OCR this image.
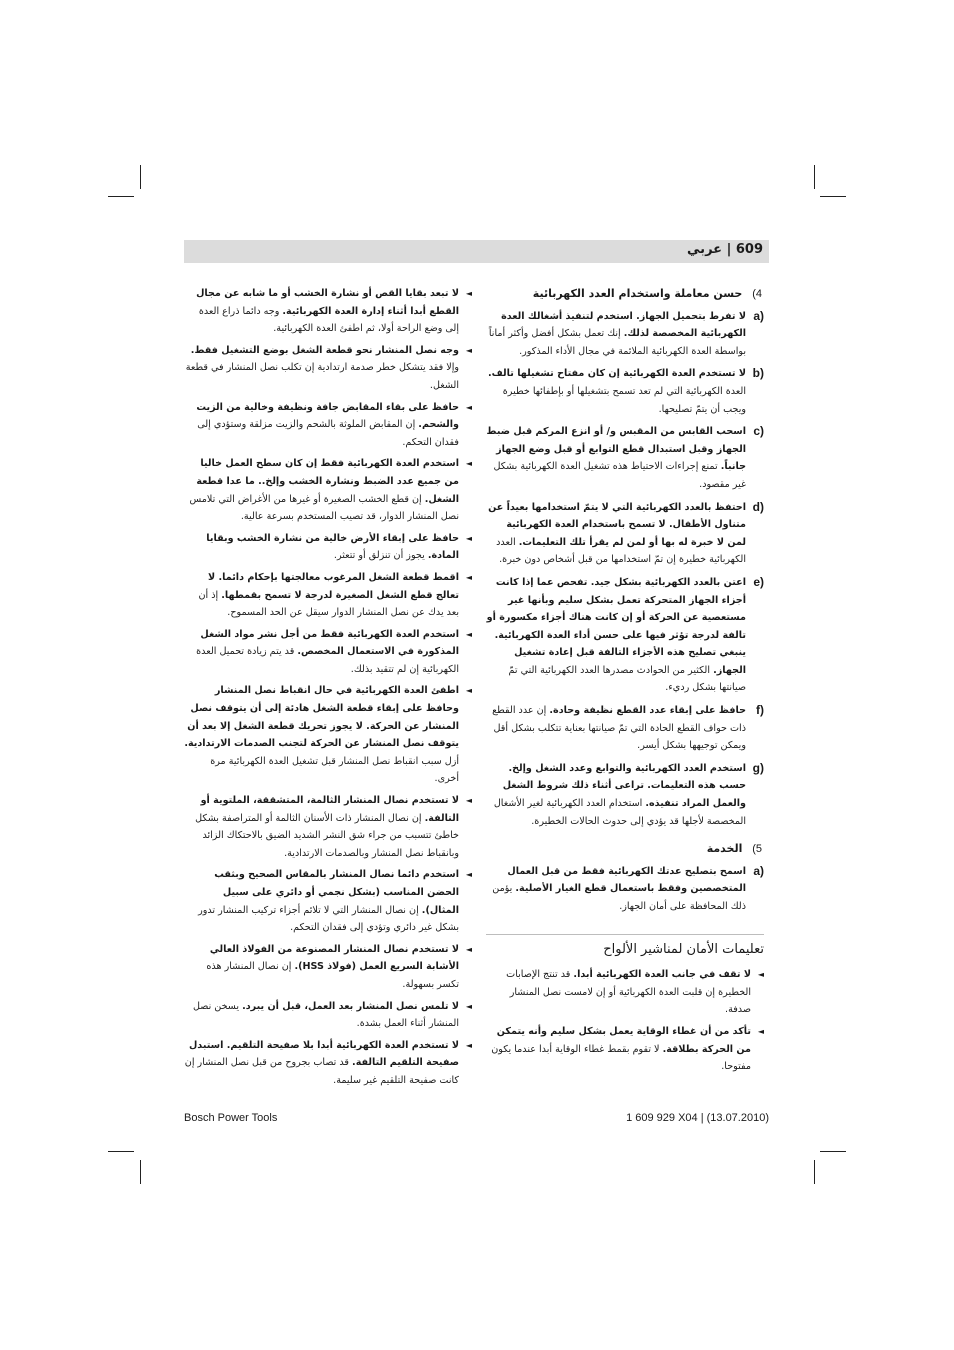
609 | عربي
4) حسن معاملة واستخدام العدد الكهربائية
a)
لا تفرط بتحميل الجهاز. استخدم لتنفيذ أشغالك العدة الكهربائية المخصصة لذلك. إنك تعمل بشكل أفضل وأكثر أماناً بواسطة العدة الكهربائية الملائمة في مجال الأداء المذكور.
b)
لا تستخدم العدة الكهربائية إن كان مفتاح تشغيلها تالف. العدة الكهربائية التي لم تعد تسمح بتشغيلها أو بإطفائها خطيرة ويجب أن يتمّ تصليحها.
c)
اسحب القابس من المقبس و/ أو انزع المركم قبل ضبط الجهاز وقبل استبدال قطع التوابع أو قبل وضع الجهاز جانباً. تمنع إجراءات الاحتياط هذه تشغيل العدة الكهربائية بشكل غير مقصود.
d)
احتفظ بالعدد الكهربائية التي لا يتمّ استخدامها بعيداً عن متناول الأطفال. لا تسمح باستخدام العدة الكهربائية لمن لا خبرة له بها أو لمن لم يقرأ تلك التعليمات. العدد الكهربائية خطيرة إن تمّ استخدامها من قبل أشخاص دون خبرة.
e)
اعتن بالعدد الكهربائية بشكل جيد. تفحص عما إذا كانت أجزاء الجهاز المتحركة تعمل بشكل سليم وبأنها غير مستعصية عن الحركة أو إن كانت هناك أجزاء مكسورة أو تالفة لدرجة تؤثر فيها على حسن أداء العدة الكهربائية. ينبغي تصليح هذه الأجزاء التالفة قبل إعادة تشغيل الجهاز. الكثير من الحوادث مصدرها العدد الكهربائية التي تمّ صيانتها بشكل رديء.
f)
حافظ على إبقاء عدد القطع نظيفة وحادة. إن عدد القطع ذات حواف القطع الحادة التي تمّ صيانتها بعناية تتكلب بشكل أقل ويمكن توجيهها بشكل أيسر.
g)
استخدم العدد الكهربائية والتوابع وعدد الشغل وإلخ. حسب هذه التعليمات. تراعى أثناء ذلك شروط الشغل والعمل المراد تنفيذه. استخدام العدد الكهربائية لغير الأشغال المخصصة لأجلها قد يؤدي إلى حدوث الحالات الخطيرة.
5) الخدمة
a)
اسمح بتصليح عدتك الكهربائية فقط من قبل العمال المتخصصين وفقط باستعمال قطع الغيار الأصلية. يؤمن ذلك المحافظة على أمان الجهاز.
تعليمات الأمان لمناشير الألواح
◄
لا تقف في جانب العدة الكهربائية أبدا. قد تنتج الإصابات الخطيرة إن قلبت العدة الكهربائية أو إن لامست نصل المنشار صدفة.
◄
تأكد من أن غطاء الوقاية يعمل بشكل سليم وأنه يتمكن من الحركة بطلاقة. لا تقوم بقمط غطاء الوقاية أبدا عندما يكون مفتوحا.
◄
لا تبعد بقايا القص أو نشارة الخشب أو ما شابه عن مجال القطع أبدا أثناء إدارة العدة الكهربائية. وجه دائما ذراع العدة إلى وضع الراحة أولا، ثم اطفئ العدة الكهربائية.
◄
وجه نصل المنشار نحو قطعة الشغل بوضع التشغيل فقط. وإلا فقد يتشكل خطر صدمة ارتدادية إن تكلب نصل المنشار في قطعة الشغل.
◄
حافظ على بقاء المقابض جافة ونظيفة وخالية من الزيت والشحم. إن المقابض الملوثة بالشحم والزيت مزلقة وستؤدي إلى فقدان التحكم.
◄
استخدم العدة الكهربائية فقط إن كان سطح العمل خاليا من جميع عدد الضبط ونشارة الخشب وإلخ.. ما عدا قطعة الشغل. إن قطع الخشب الصغيرة أو غيرها من الأغراض التي تلامس نصل المنشار الدوار، قد تصيب المستخدم بسرعة عالية.
◄
حافظ على إبقاء الأرض خالية من نشارة الخشب وبقايا المادة. يجوز أن تنزلق أو تتعثر.
◄
اقمط قطعة الشغل المرغوب معالجتها بإحكام دائما. لا تعالج قطع الشغل الصغيرة لدرجة لا تسمح بقمطها. إذ أن بعد يدك عن نصل المنشار الدوار سيقل عن الحد المسموح.
◄
استخدم العدة الكهربائية فقط من أجل نشر مواد الشغل المذكورة في الاستعمال المخصص. قد يتم زيادة تحميل العدة الكهربائية إن لم تتقيد بذلك.
◄
اطفئ العدة الكهربائية في حال انقباط نصل المنشار وحافظ على إبقاء قطعة الشغل هادئة إلى أن يتوقف نصل المنشار عن الحركة. لا يجوز تحريك قطعة الشغل إلا بعد أن يتوقف نصل المنشار عن الحركة لتجنب الصدمات الارتدادية. أزل سبب انقباط نصل المنشار قبل تشغيل العدة الكهربائية مرة أخرى.
◄
لا تستخدم نصال المنشار الثالمة، المتشققة، الملتوية أو التالفة. إن نصال المنشار ذات الأسنان الثالمة أو المتراصفة بشكل خاطئ تتسبب من جراء شق النشر الشديد الضيق بالاحتكاك الزائد وبانقباط نصل المنشار وبالصدمات الارتدادية.
◄
استخدم دائما نصال المنشار بالمقاس الصحيح وبثقب الحضن المناسب (بشكل نجمي أو دائري على سبيل المثال). إن نصال المنشار التي لا تلائم أجزاء تركيب المنشار تدور بشكل غير دائري وتؤدي إلى فقدان التحكم.
◄
لا تستخدم نصال المنشار المصنوعة من الفولاذ العالي الأشابة السريع العمل (فولاذ HSS). إن نصال المنشار هذه تكسر بسهولة.
◄
لا تلمس نصل المنشار بعد العمل، قبل أن يبرد. يسخن نصل المنشار أثناء العمل بشدة.
◄
لا تستخدم العدة الكهربائية أبدا بلا صفيحة التلقيم. استبدل صفيحة التلقيم التالفة. قد تصاب بجروح من قبل نصل المنشار إن كانت صفيحة التلقيم غير سليمة.
Bosch Power Tools	1 609 929 X04 | (13.07.2010)
